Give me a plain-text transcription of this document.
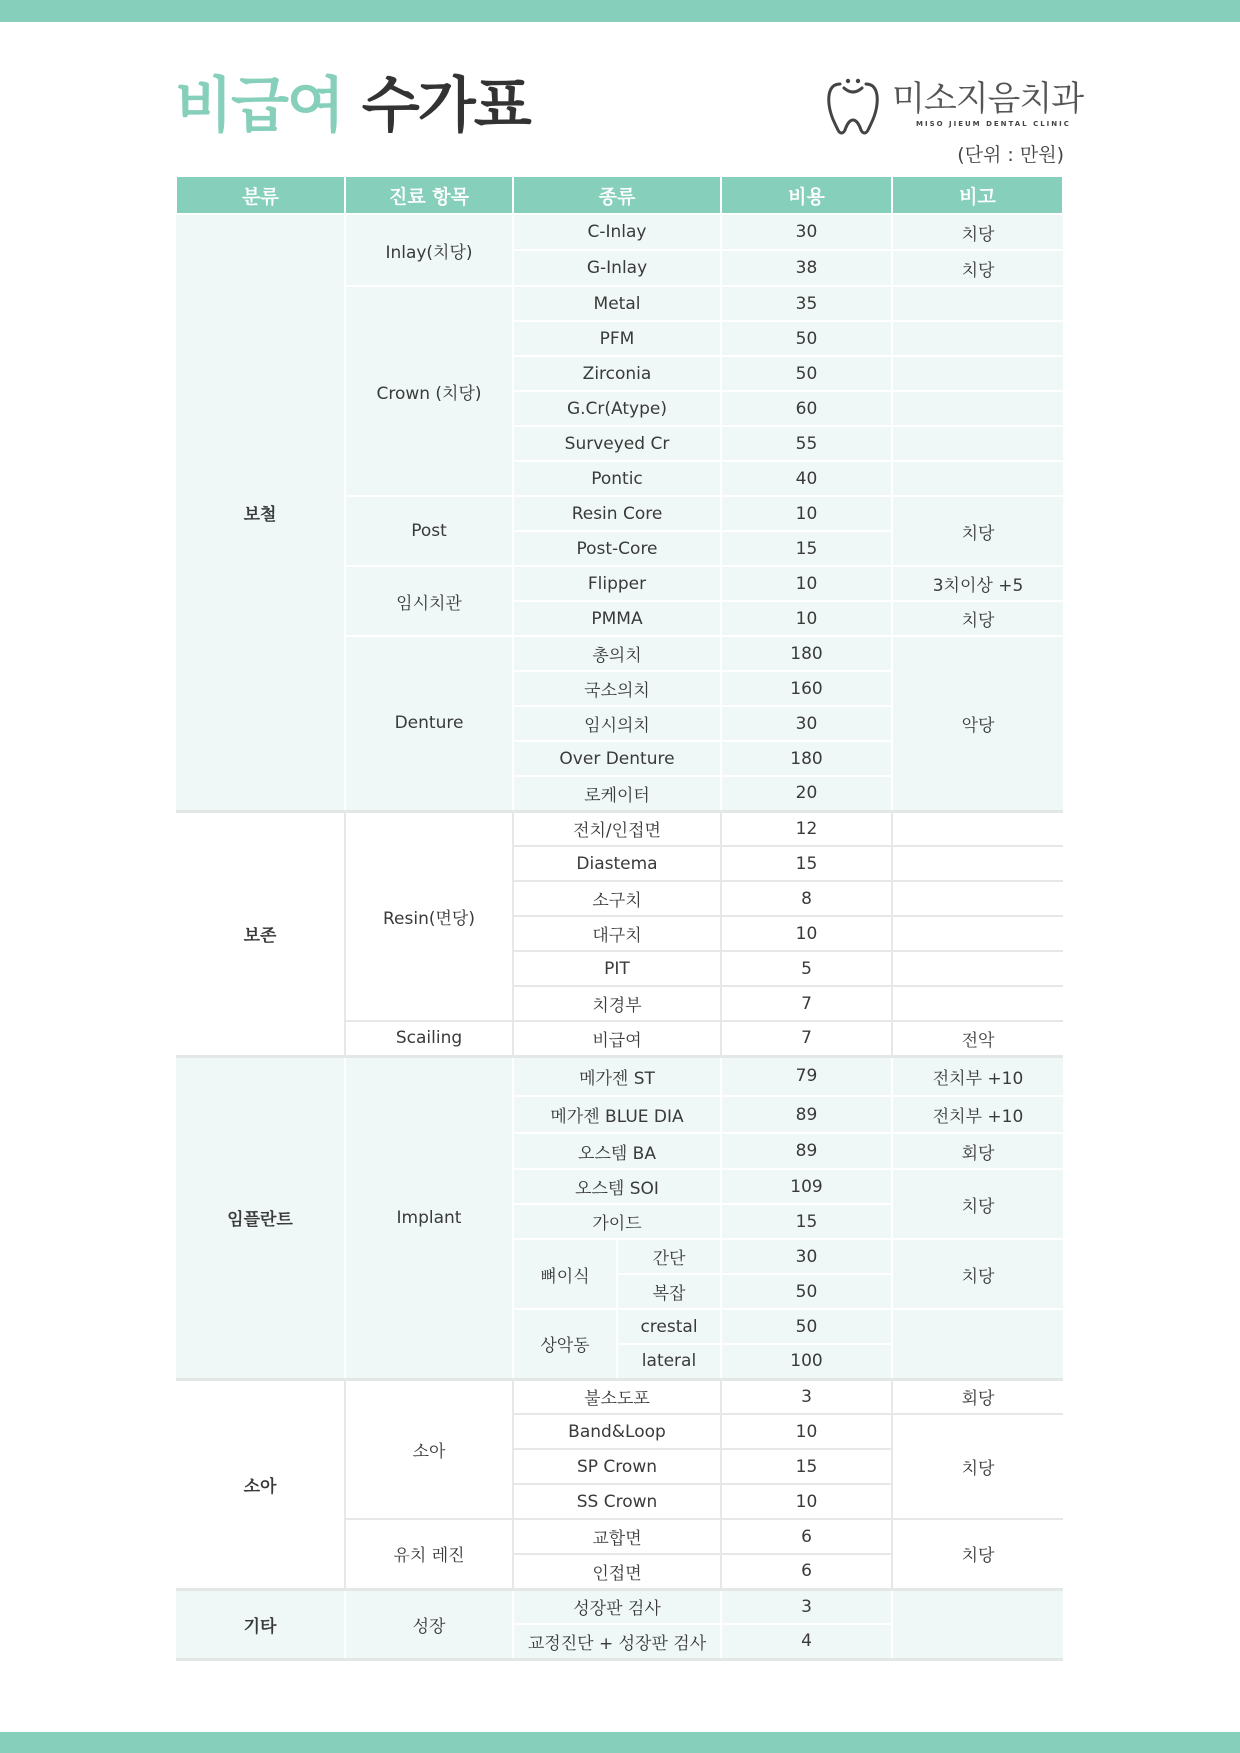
비급여 수가표	미소지음치과
MISO JIEUM DENTAL CLINIC
(단위 : 만원)
분류	진료 항목	종류		비용	비고
보철	Inlay(치당)	C-Inlay		30	치당
		G-Inlay		38	치당
	Crown (치당)	Metal		35	
		PFM		50	
		Zirconia		50	
		G.Cr(Atype)		60	
		Surveyed Cr		55	
		Pontic		40	
	Post	Resin Core		10	치당
		Post-Core		15	
	임시치관	Flipper		10	3치이상 +5
		PMMA		10	치당
	Denture	총의치		180	악당
		국소의치		160	
		임시의치		30	
		Over Denture		180	
		로케이터		20	
보존	Resin(면당)	전치/인접면		12	
		Diastema		15	
		소구치		8	
		대구치		10	
		PIT		5	
		치경부		7	
	Scailing	비급여		7	전악
임플란트	Implant	메가젠 ST		79	전치부 +10
		메가젠 BLUE DIA		89	전치부 +10
		오스템 BA		89	회당
		오스템 SOI		109	치당
		가이드		15	
		뼈이식	간단	30	치당
			복잡	50	
		상악동	crestal	50	
			lateral	100	
소아	소아	불소도포		3	회당
		Band&Loop		10	치당
		SP Crown		15	
		SS Crown		10	
	유치 레진	교합면		6	치당
		인접면		6	
기타	성장	성장판 검사		3	
		교정진단 + 성장판 검사		4	
